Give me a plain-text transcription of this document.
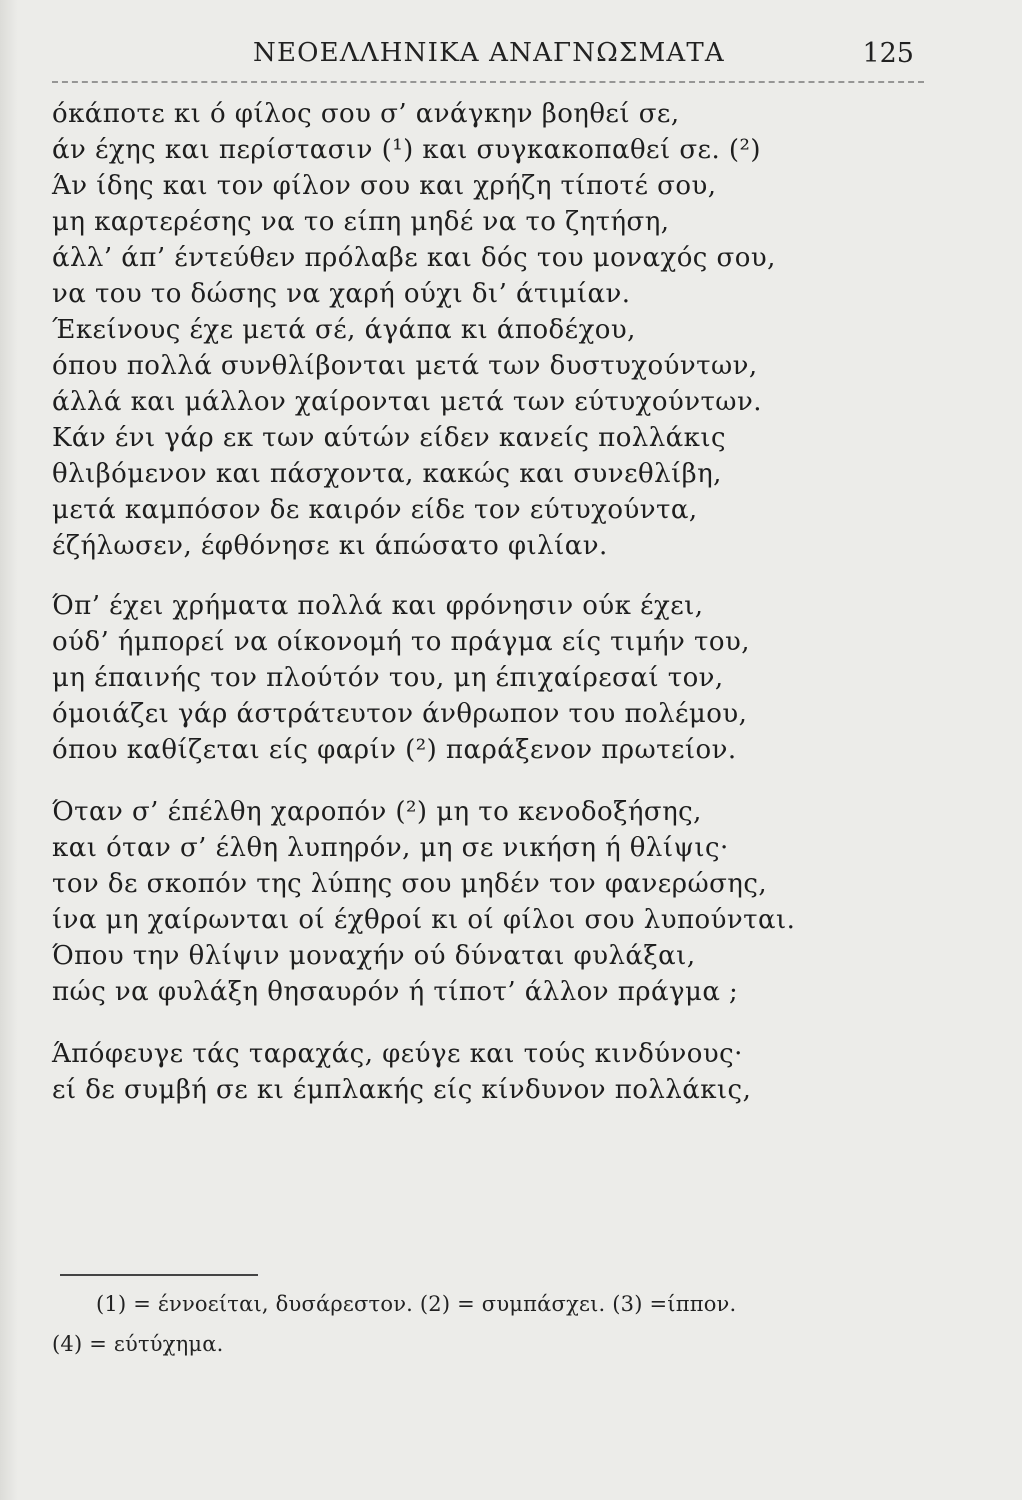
ΝΕΟΕΛΛΗΝΙΚΑ ΑΝΑΓΝΩΣΜΑΤΑ	125
όκάποτε κι ό φίλος σου σ’ ανάγκην βοηθεί σε,
άν έχης και περίστασιν (¹) και συγκακοπαθεί σε. (²)
Άν ίδης και τον φίλον σου και χρήζη τίποτέ σου,
μη καρτερέσης να το είπη μηδέ να το ζητήση,
άλλ’ άπ’ έντεύθεν πρόλαβε και δός του μοναχός σου,
να του το δώσης να χαρή ούχι δι’ άτιμίαν.
Έκείνους έχε μετά σέ, άγάπα κι άποδέχου,
όπου πολλά συνθλίβονται μετά των δυστυχούντων,
άλλά και μάλλον χαίρονται μετά των εύτυχούντων.
Κάν ένι γάρ εκ των αύτών είδεν κανείς πολλάκις
θλιβόμενον και πάσχοντα, κακώς και συνεθλίβη,
μετά καμπόσον δε καιρόν είδε τον εύτυχούντα,
έζήλωσεν, έφθόνησε κι άπώσατο φιλίαν.
Όπ’ έχει χρήματα πολλά και φρόνησιν ούκ έχει,
ούδ’ ήμπορεί να οίκονομή το πράγμα είς τιμήν του,
μη έπαινής τον πλούτόν του, μη έπιχαίρεσαί τον,
όμοιάζει γάρ άστράτευτον άνθρωπον του πολέμου,
όπου καθίζεται είς φαρίν (²) παράξενον πρωτείον.
Όταν σ’ έπέλθη χαροπόν (²) μη το κενοδοξήσης,
και όταν σ’ έλθη λυπηρόν, μη σε νικήση ή θλίψις·
τον δε σκοπόν της λύπης σου μηδέν τον φανερώσης,
ίνα μη χαίρωνται οί έχθροί κι οί φίλοι σου λυπούνται.
Όπου την θλίψιν μοναχήν ού δύναται φυλάξαι,
πώς να φυλάξη θησαυρόν ή τίποτ’ άλλον πράγμα ;
Άπόφευγε τάς ταραχάς, φεύγε και τούς κινδύνους·
εί δε συμβή σε κι έμπλακής είς κίνδυνον πολλάκις,
(1) = έννοείται, δυσάρεστον. (2) = συμπάσχει. (3) =ίππον.
(4) = εύτύχημα.
